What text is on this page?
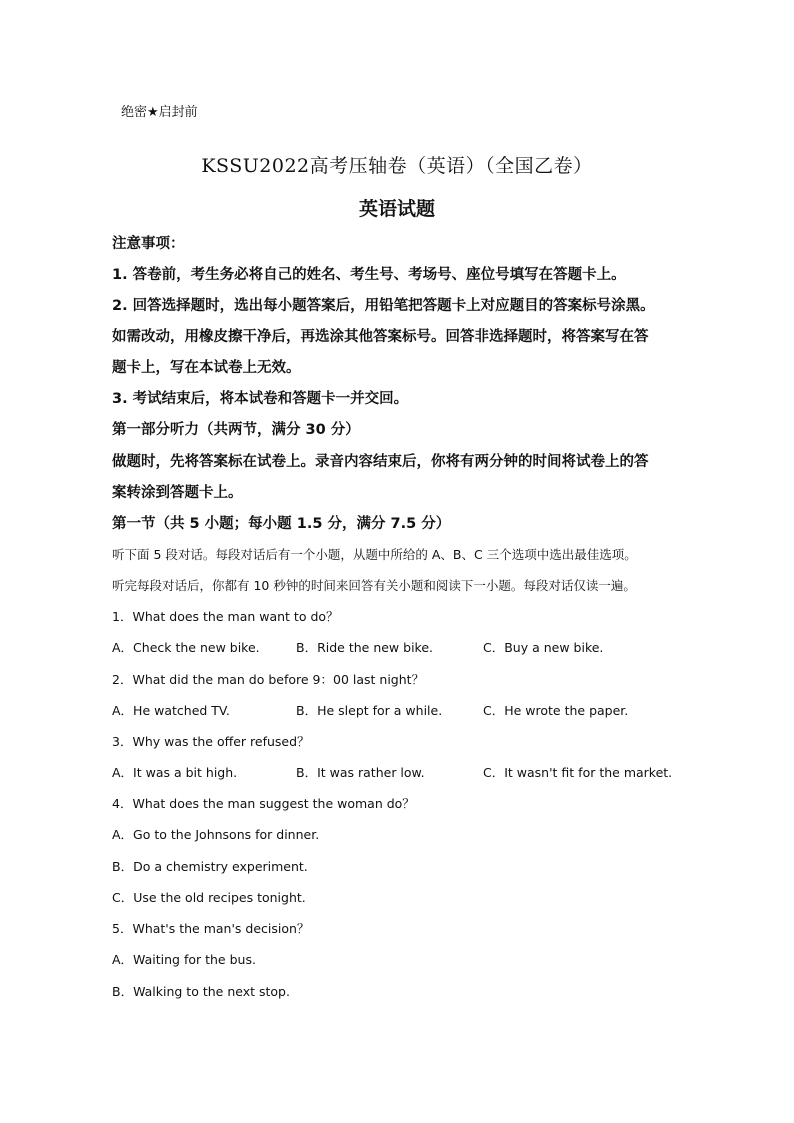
绝密★启封前
KSSU2022高考压轴卷（英语）（全国乙卷）
英语试题
注意事项：
1. 答卷前，考生务必将自己的姓名、考生号、考场号、座位号填写在答题卡上。
2. 回答选择题时，选出每小题答案后，用铅笔把答题卡上对应题目的答案标号涂黑。
如需改动，用橡皮擦干净后，再选涂其他答案标号。回答非选择题时，将答案写在答
题卡上，写在本试卷上无效。
3. 考试结束后，将本试卷和答题卡一并交回。
第一部分听力（共两节，满分 30 分）
做题时，先将答案标在试卷上。录音内容结束后，你将有两分钟的时间将试卷上的答
案转涂到答题卡上。
第一节（共 5 小题；每小题 1.5 分，满分 7.5 分）
听下面 5 段对话。每段对话后有一个小题，从题中所给的 A、B、C 三个选项中选出最佳选项。
听完每段对话后，你都有 10 秒钟的时间来回答有关小题和阅读下一小题。每段对话仅读一遍。
1．What does the man want to do？
A．Check the new bike.	B．Ride the new bike.	C．Buy a new bike.
2．What did the man do before 9：00 last night？
A．He watched TV.	B．He slept for a while.	C．He wrote the paper.
3．Why was the offer refused？
A．It was a bit high.	B．It was rather low.	C．It wasn't fit for the market.
4．What does the man suggest the woman do？
A．Go to the Johnsons for dinner.
B．Do a chemistry experiment.
C．Use the old recipes tonight.
5．What's the man's decision？
A．Waiting for the bus.
B．Walking to the next stop.
